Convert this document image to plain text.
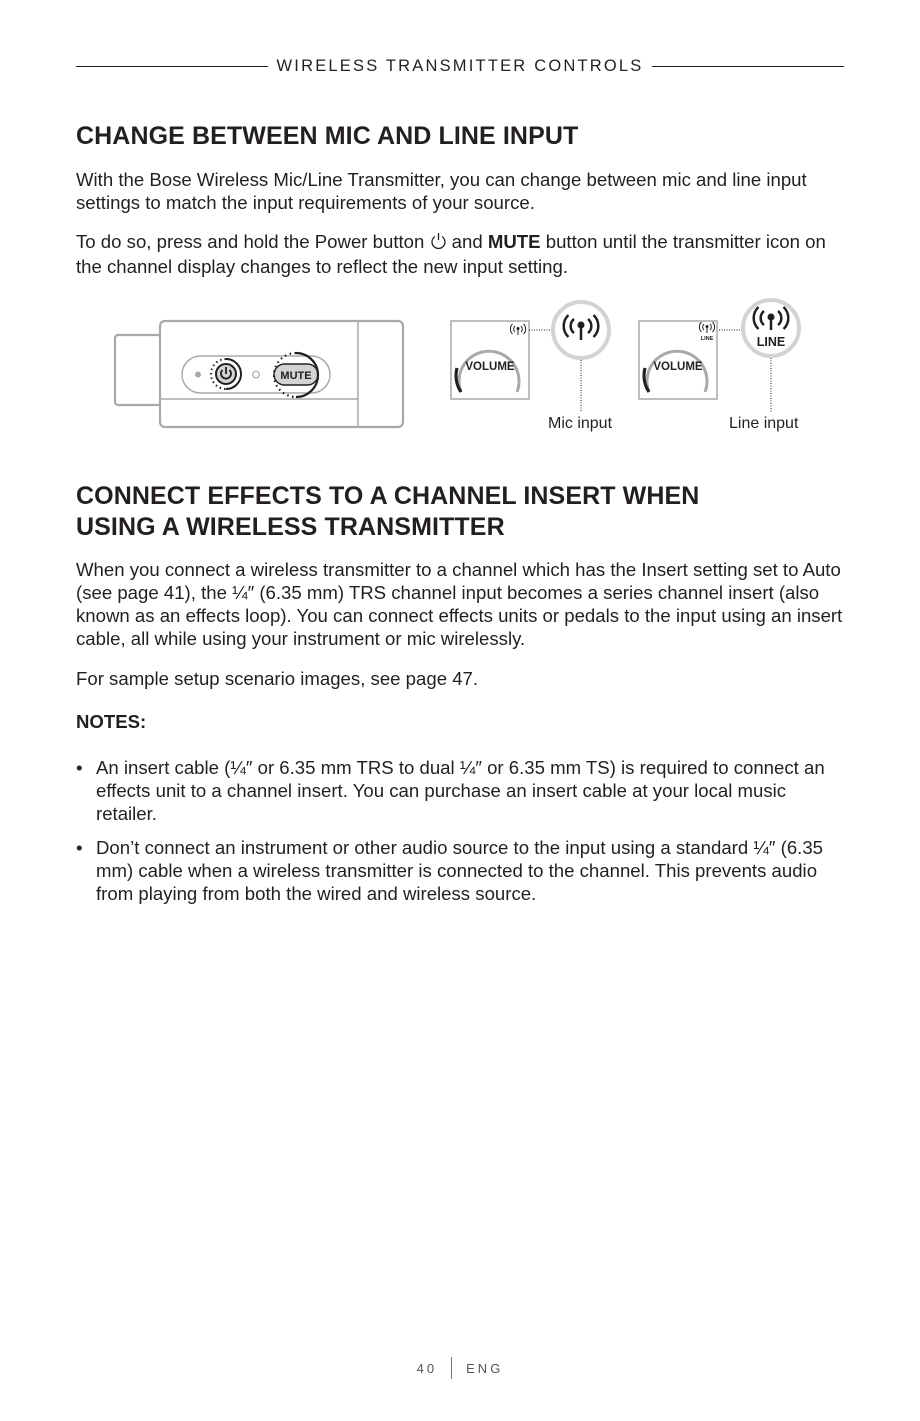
WIRELESS TRANSMITTER CONTROLS
CHANGE BETWEEN MIC AND LINE INPUT

With the Bose Wireless Mic/Line Transmitter, you can change between mic and line input settings to match the input requirements of your source.

To do so, press and hold the Power button  and MUTE button until the transmitter icon on the channel display changes to reflect the new input setting.
MUTE
VOLUME
Mic input
VOLUME
LINE	LINE
Line input
CONNECT EFFECTS TO A CHANNEL INSERT WHEN
USING A WIRELESS TRANSMITTER

When you connect a wireless transmitter to a channel which has the Insert setting set to Auto (see page 41), the ¼″ (6.35 mm) TRS channel input becomes a series channel insert (also known as an effects loop). You can connect effects units or pedals to the input using an insert cable, all while using your instrument or mic wirelessly.

For sample setup scenario images, see page 47.

NOTES:

• An insert cable (¼″ or 6.35 mm TRS to dual ¼″ or 6.35 mm TS) is required to connect an effects unit to a channel insert. You can purchase an insert cable at your local music retailer.
• Don’t connect an instrument or other audio source to the input using a standard ¼″ (6.35 mm) cable when a wireless transmitter is connected to the channel. This prevents audio from playing from both the wired and wireless source.
40 ENG
